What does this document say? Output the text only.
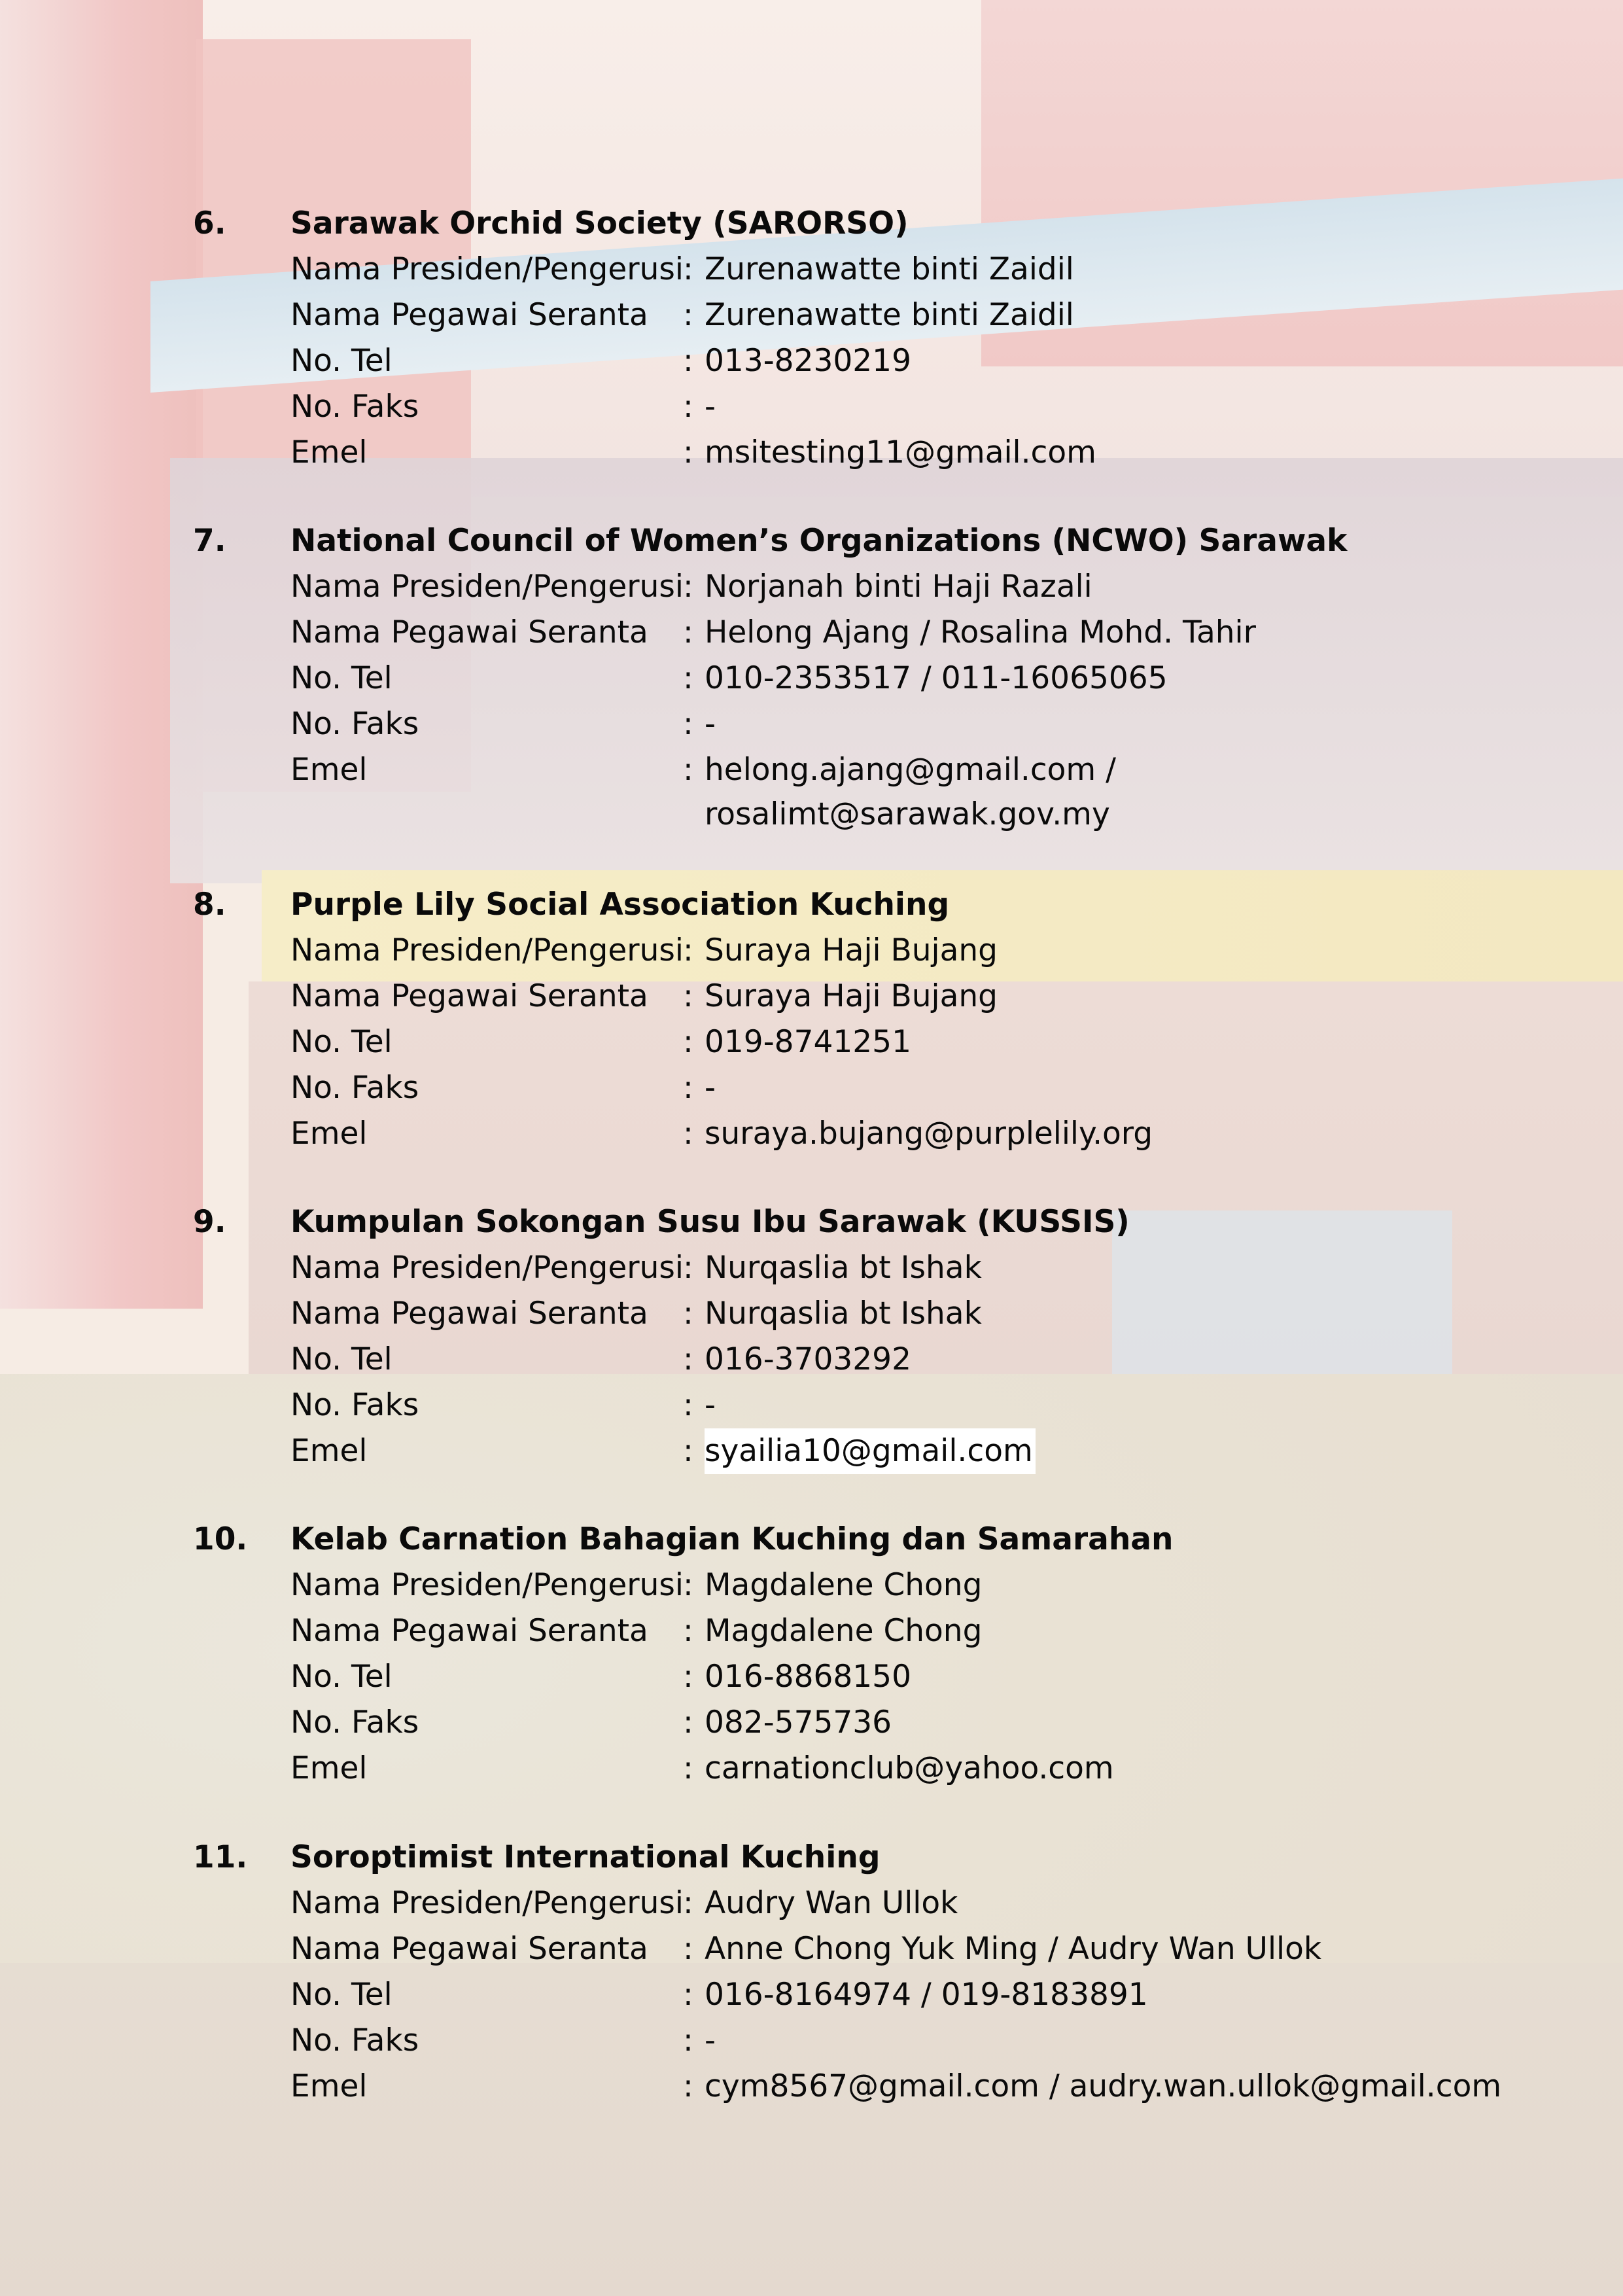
6. Sarawak Orchid Society (SARORSO)
Nama Presiden/Pengerusi : Zurenawatte binti Zaidil
Nama Pegawai Seranta : Zurenawatte binti Zaidil
No. Tel	: 013-8230219
No. Faks	: -
Emel	: msitesting11@gmail.com
7. National Council of Women’s Organizations (NCWO) Sarawak
Nama Presiden/Pengerusi : Norjanah binti Haji Razali
Nama Pegawai Seranta : Helong Ajang / Rosalina Mohd. Tahir
No. Tel	: 010-2353517 / 011-16065065
No. Faks	: -
Emel	: helong.ajang@gmail.com /
rosalimt@sarawak.gov.my
8. Purple Lily Social Association Kuching
Nama Presiden/Pengerusi : Suraya Haji Bujang
Nama Pegawai Seranta : Suraya Haji Bujang
No. Tel	: 019-8741251
No. Faks	: -
Emel	: suraya.bujang@purplelily.org
9. Kumpulan Sokongan Susu Ibu Sarawak (KUSSIS)
Nama Presiden/Pengerusi : Nurqaslia bt Ishak
Nama Pegawai Seranta : Nurqaslia bt Ishak
No. Tel	: 016-3703292
No. Faks	: -
Emel	: syailia10@gmail.com
10. Kelab Carnation Bahagian Kuching dan Samarahan
Nama Presiden/Pengerusi : Magdalene Chong
Nama Pegawai Seranta : Magdalene Chong
No. Tel	: 016-8868150
No. Faks	: 082-575736
Emel	: carnationclub@yahoo.com
11. Soroptimist International Kuching
Nama Presiden/Pengerusi : Audry Wan Ullok
Nama Pegawai Seranta : Anne Chong Yuk Ming / Audry Wan Ullok
No. Tel	: 016-8164974 / 019-8183891
No. Faks	: -
Emel	: cym8567@gmail.com / audry.wan.ullok@gmail.com
